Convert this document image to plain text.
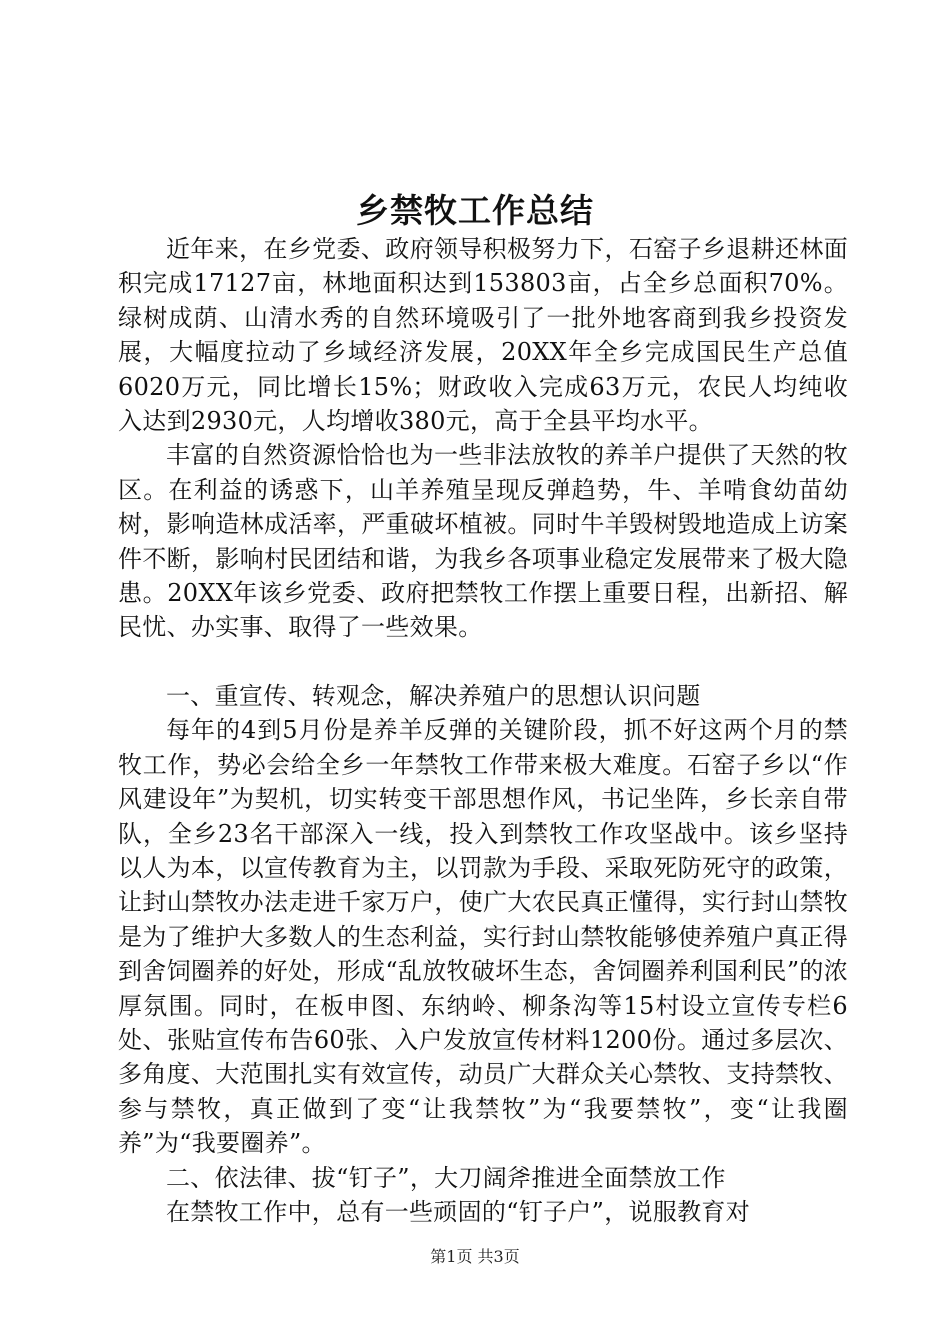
乡禁牧工作总结

近年来，在乡党委、政府领导积极努力下，石窑子乡退耕还林面积完成17127亩，林地面积达到153803亩，占全乡总面积70%。绿树成荫、山清水秀的自然环境吸引了一批外地客商到我乡投资发展，大幅度拉动了乡域经济发展，20XX年全乡完成国民生产总值6020万元，同比增长15%；财政收入完成63万元，农民人均纯收入达到2930元，人均增收380元，高于全县平均水平。

丰富的自然资源恰恰也为一些非法放牧的养羊户提供了天然的牧区。在利益的诱惑下，山羊养殖呈现反弹趋势，牛、羊啃食幼苗幼树，影响造林成活率，严重破坏植被。同时牛羊毁树毁地造成上访案件不断，影响村民团结和谐，为我乡各项事业稳定发展带来了极大隐患。20XX年该乡党委、政府把禁牧工作摆上重要日程，出新招、解民忧、办实事、取得了一些效果。

一、重宣传、转观念，解决养殖户的思想认识问题

每年的4到5月份是养羊反弹的关键阶段，抓不好这两个月的禁牧工作，势必会给全乡一年禁牧工作带来极大难度。石窑子乡以“作风建设年”为契机，切实转变干部思想作风，书记坐阵，乡长亲自带队，全乡23名干部深入一线，投入到禁牧工作攻坚战中。该乡坚持以人为本，以宣传教育为主，以罚款为手段、采取死防死守的政策，让封山禁牧办法走进千家万户，使广大农民真正懂得，实行封山禁牧是为了维护大多数人的生态利益，实行封山禁牧能够使养殖户真正得到舍饲圈养的好处，形成“乱放牧破坏生态，舍饲圈养利国利民”的浓厚氛围。同时，在板申图、东纳岭、柳条沟等15村设立宣传专栏6处、张贴宣传布告60张、入户发放宣传材料1200份。通过多层次、多角度、大范围扎实有效宣传，动员广大群众关心禁牧、支持禁牧、参与禁牧，真正做到了变“让我禁牧”为“我要禁牧”，变“让我圈养”为“我要圈养”。

二、依法律、拔“钉子”，大刀阔斧推进全面禁放工作

在禁牧工作中，总有一些顽固的“钉子户”，说服教育对

第1页 共3页
